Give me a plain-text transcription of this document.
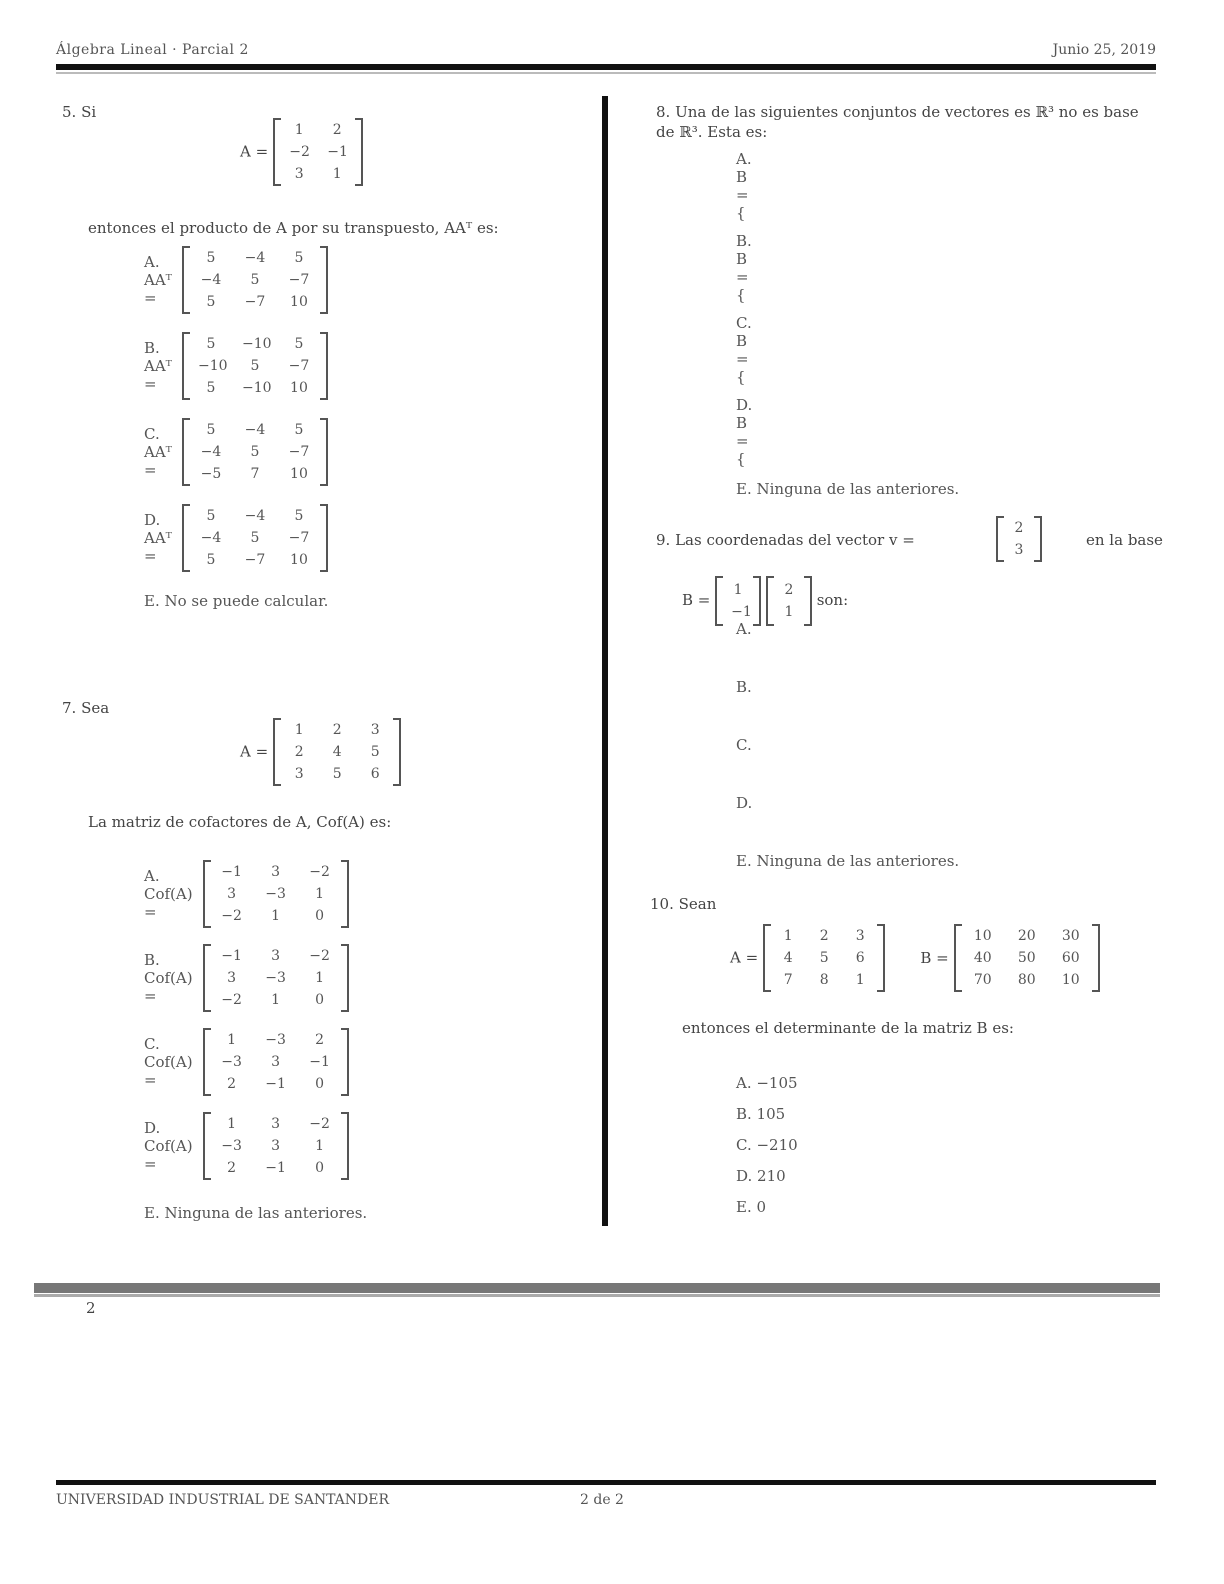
Álgebra Lineal · Parcial 2	Junio 25, 2019
5. Si
A =
1	2
−2 −1
3	1
entonces el producto de A por su transpuesto, AAᵀ es:
A. AAᵀ =
5	−4	5
−4	5	−7
5	−7 10
B. AAᵀ =
5	−10	5
−10	5	−7
5	−10 10
C. AAᵀ =
5	−4	5
−4	5	−7
−5	7	10
D. AAᵀ =
5	−4	5
−4	5	−7
5	−7 10
E. No se puede calcular.
7. Sea
A =
1	2	3
2	4	5
3	5	6
La matriz de cofactores de A, Cof(A) es:
A. Cof(A) =
−1	3	−2
3	−3	1
−2	1	0
B. Cof(A) =
−1	3	−2
3	−3	1
−2	1	0
C. Cof(A) =
1	−3	2
−3	3	−1
2	−1	0
D. Cof(A) =
1	3	−2
−3	3	1
2	−1	0
E. Ninguna de las anteriores.
8. Una de las siguientes conjuntos de vectores es ℝ³ no es base de ℝ³. Esta es:
A. B = {
B. B = {
C. B = {
D. B = {
E. Ninguna de las anteriores.
9. Las coordenadas del vector v =
2
3
en la base
B =
1
−1

2
1
son:
A.
B.
C.
D.
E. Ninguna de las anteriores.
10. Sean
A =
1	2	3
4	5	6
7	8	1
B =
10 20 30
40 50 60
70 80 10
entonces el determinante de la matriz B es:
A. −105
B. 105
C. −210
D. 210
E. 0
2
UNIVERSIDAD INDUSTRIAL DE SANTANDER	2 de 2
